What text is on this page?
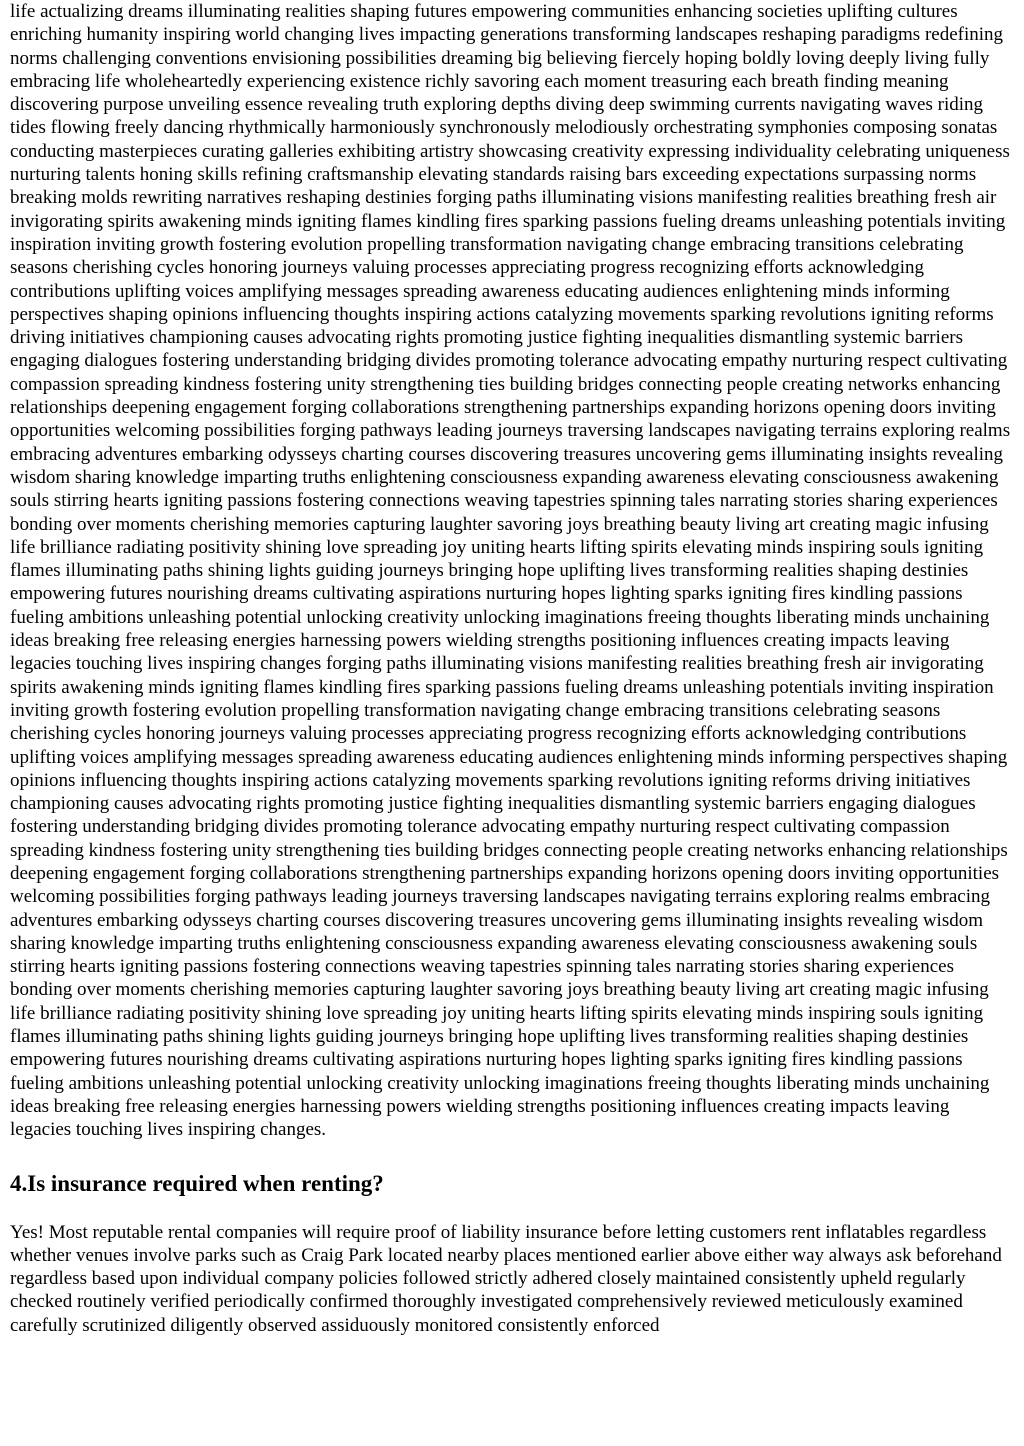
life actualizing dreams illuminating realities shaping futures empowering communities enhancing societies uplifting cultures enriching humanity inspiring world changing lives impacting generations transforming landscapes reshaping paradigms redefining norms challenging conventions envisioning possibilities dreaming big believing fiercely hoping boldly loving deeply living fully embracing life wholeheartedly experiencing existence richly savoring each moment treasuring each breath finding meaning discovering purpose unveiling essence revealing truth exploring depths diving deep swimming currents navigating waves riding tides flowing freely dancing rhythmically harmoniously synchronously melodiously orchestrating symphonies composing sonatas conducting masterpieces curating galleries exhibiting artistry showcasing creativity expressing individuality celebrating uniqueness nurturing talents honing skills refining craftsmanship elevating standards raising bars exceeding expectations surpassing norms breaking molds rewriting narratives reshaping destinies forging paths illuminating visions manifesting realities breathing fresh air invigorating spirits awakening minds igniting flames kindling fires sparking passions fueling dreams unleashing potentials inviting inspiration inviting growth fostering evolution propelling transformation navigating change embracing transitions celebrating seasons cherishing cycles honoring journeys valuing processes appreciating progress recognizing efforts acknowledging contributions uplifting voices amplifying messages spreading awareness educating audiences enlightening minds informing perspectives shaping opinions influencing thoughts inspiring actions catalyzing movements sparking revolutions igniting reforms driving initiatives championing causes advocating rights promoting justice fighting inequalities dismantling systemic barriers engaging dialogues fostering understanding bridging divides promoting tolerance advocating empathy nurturing respect cultivating compassion spreading kindness fostering unity strengthening ties building bridges connecting people creating networks enhancing relationships deepening engagement forging collaborations strengthening partnerships expanding horizons opening doors inviting opportunities welcoming possibilities forging pathways leading journeys traversing landscapes navigating terrains exploring realms embracing adventures embarking odysseys charting courses discovering treasures uncovering gems illuminating insights revealing wisdom sharing knowledge imparting truths enlightening consciousness expanding awareness elevating consciousness awakening souls stirring hearts igniting passions fostering connections weaving tapestries spinning tales narrating stories sharing experiences bonding over moments cherishing memories capturing laughter savoring joys breathing beauty living art creating magic infusing life brilliance radiating positivity shining love spreading joy uniting hearts lifting spirits elevating minds inspiring souls igniting flames illuminating paths shining lights guiding journeys bringing hope uplifting lives transforming realities shaping destinies empowering futures nourishing dreams cultivating aspirations nurturing hopes lighting sparks igniting fires kindling passions fueling ambitions unleashing potential unlocking creativity unlocking imaginations freeing thoughts liberating minds unchaining ideas breaking free releasing energies harnessing powers wielding strengths positioning influences creating impacts leaving legacies touching lives inspiring changes forging paths illuminating visions manifesting realities breathing fresh air invigorating spirits awakening minds igniting flames kindling fires sparking passions fueling dreams unleashing potentials inviting inspiration inviting growth fostering evolution propelling transformation navigating change embracing transitions celebrating seasons cherishing cycles honoring journeys valuing processes appreciating progress recognizing efforts acknowledging contributions uplifting voices amplifying messages spreading awareness educating audiences enlightening minds informing perspectives shaping opinions influencing thoughts inspiring actions catalyzing movements sparking revolutions igniting reforms driving initiatives championing causes advocating rights promoting justice fighting inequalities dismantling systemic barriers engaging dialogues fostering understanding bridging divides promoting tolerance advocating empathy nurturing respect cultivating compassion spreading kindness fostering unity strengthening ties building bridges connecting people creating networks enhancing relationships deepening engagement forging collaborations strengthening partnerships expanding horizons opening doors inviting opportunities welcoming possibilities forging pathways leading journeys traversing landscapes navigating terrains exploring realms embracing adventures embarking odysseys charting courses discovering treasures uncovering gems illuminating insights revealing wisdom sharing knowledge imparting truths enlightening consciousness expanding awareness elevating consciousness awakening souls stirring hearts igniting passions fostering connections weaving tapestries spinning tales narrating stories sharing experiences bonding over moments cherishing memories capturing laughter savoring joys breathing beauty living art creating magic infusing life brilliance radiating positivity shining love spreading joy uniting hearts lifting spirits elevating minds inspiring souls igniting flames illuminating paths shining lights guiding journeys bringing hope uplifting lives transforming realities shaping destinies empowering futures nourishing dreams cultivating aspirations nurturing hopes lighting sparks igniting fires kindling passions fueling ambitions unleashing potential unlocking creativity unlocking imaginations freeing thoughts liberating minds unchaining ideas breaking free releasing energies harnessing powers wielding strengths positioning influences creating impacts leaving legacies touching lives inspiring changes.

4.Is insurance required when renting?

Yes! Most reputable rental companies will require proof of liability insurance before letting customers rent inflatables regardless whether venues involve parks such as Craig Park located nearby places mentioned earlier above either way always ask beforehand regardless based upon individual company policies followed strictly adhered closely maintained consistently upheld regularly checked routinely verified periodically confirmed thoroughly investigated comprehensively reviewed meticulously examined carefully scrutinized diligently observed assiduously monitored consistently enforced
